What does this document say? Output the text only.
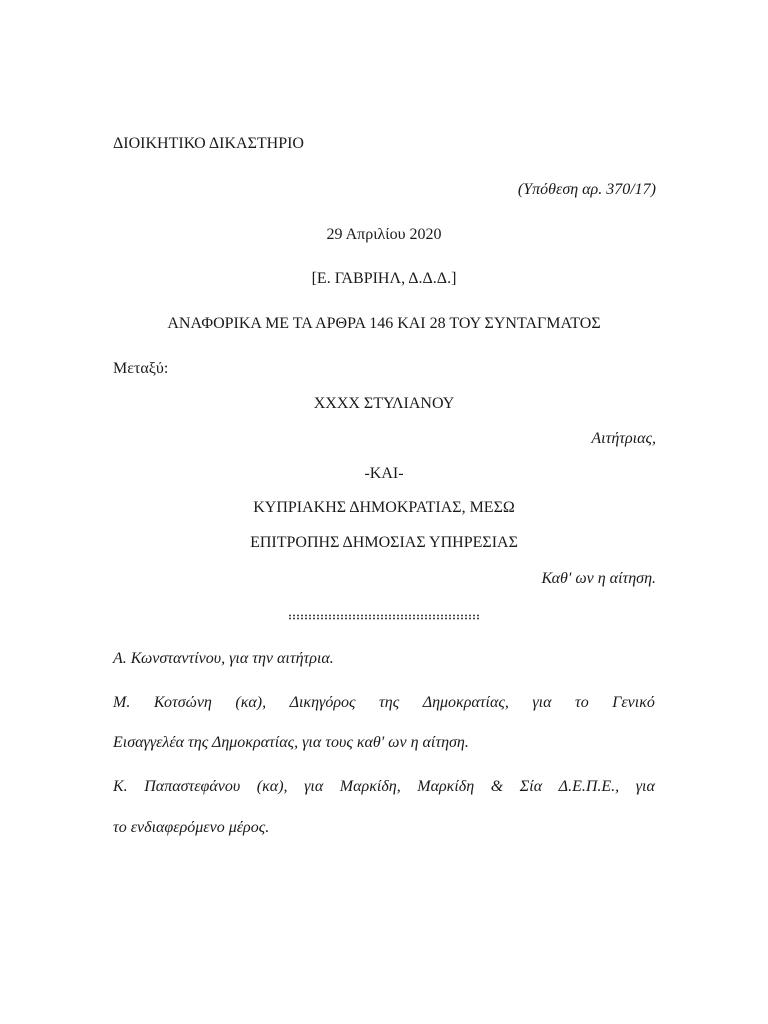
ΔΙΟΙΚΗΤΙΚΟ ΔΙΚΑΣΤΗΡΙΟ
(Υπόθεση αρ. 370/17)
29 Απριλίου 2020
[Ε. ΓΑΒΡΙΗΛ, Δ.Δ.Δ.]
ΑΝΑΦΟΡΙΚΑ ΜΕ ΤΑ ΑΡΘΡΑ 146 ΚΑΙ 28 ΤΟΥ ΣΥΝΤΑΓΜΑΤΟΣ
Μεταξύ:
ΧΧΧΧ ΣΤΥΛΙΑΝΟΥ
Αιτήτριας,
-ΚΑΙ-
ΚΥΠΡΙΑΚΗΣ ΔΗΜΟΚΡΑΤΙΑΣ, ΜΕΣΩ
ΕΠΙΤΡΟΠΗΣ ΔΗΜΟΣΙΑΣ ΥΠΗΡΕΣΙΑΣ
Καθ' ων η αίτηση.
Α. Κωνσταντίνου, για την αιτήτρια.
Μ. Κοτσώνη (κα), Δικηγόρος της Δημοκρατίας, για το Γενικό
Εισαγγελέα της Δημοκρατίας, για τους καθ' ων η αίτηση.
Κ. Παπαστεφάνου (κα), για Μαρκίδη, Μαρκίδη & Σία Δ.Ε.Π.Ε., για
το ενδιαφερόμενο μέρος.
